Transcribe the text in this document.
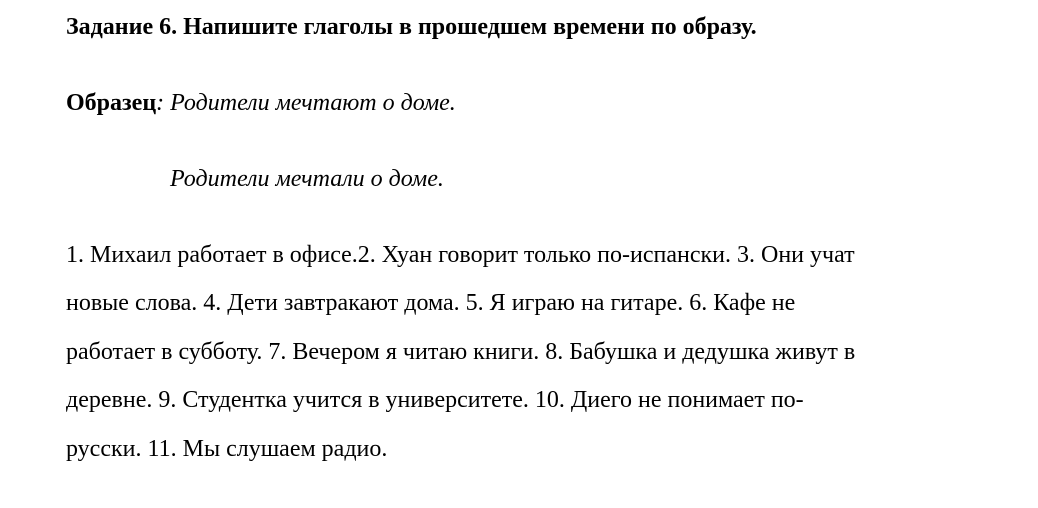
Задание 6. Напишите глаголы в прошедшем времени по образу.
Образец: Родители мечтают о доме.
Родители мечтали о доме.
1. Михаил работает в офисе.2. Хуан говорит только по-испански. 3. Они учат
новые слова. 4. Дети завтракают дома. 5. Я играю на гитаре. 6. Кафе не
работает в субботу. 7. Вечером я читаю книги. 8. Бабушка и дедушка живут в
деревне. 9. Студентка учится в университете. 10. Диего не понимает по-
русски. 11. Мы слушаем радио.
